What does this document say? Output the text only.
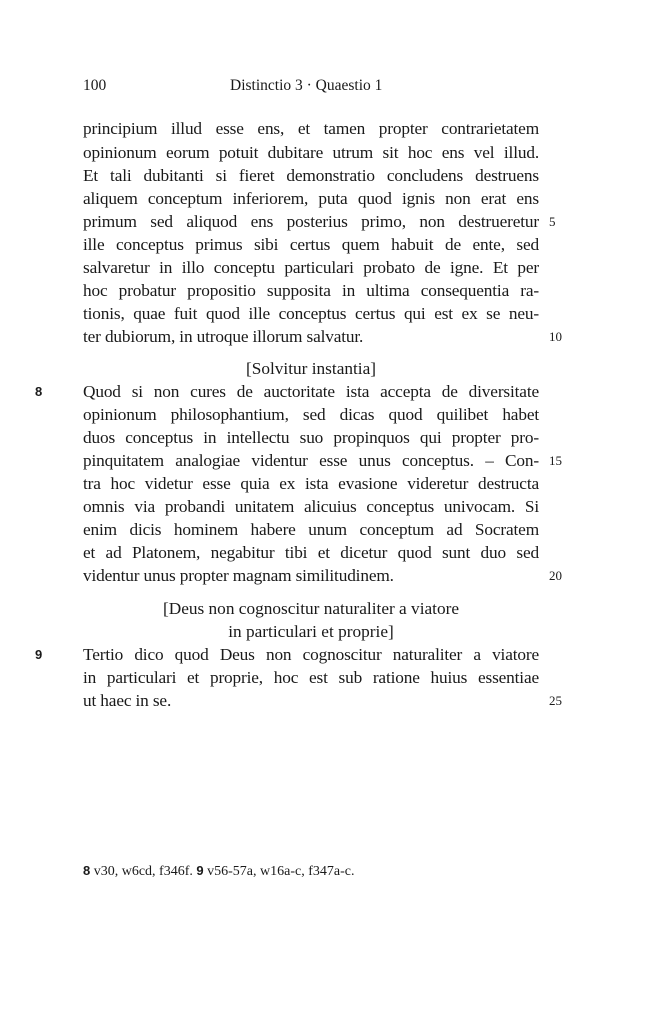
100	Distinctio 3 · Quaestio 1
principium illud esse ens, et tamen propter contrarietatem
opinionum eorum potuit dubitare utrum sit hoc ens vel illud.
Et tali dubitanti si fieret demonstratio concludens destruens
aliquem conceptum inferiorem, puta quod ignis non erat ens
primum sed aliquod ens posterius primo, non destrueretur 5
ille conceptus primus sibi certus quem habuit de ente, sed
salvaretur in illo conceptu particulari probato de igne. Et per
hoc probatur propositio supposita in ultima consequentia ra-
tionis, quae fuit quod ille conceptus certus qui est ex se neu-
ter dubiorum, in utroque illorum salvatur.	10
[Solvitur instantia]
8 Quod si non cures de auctoritate ista accepta de diversitate
opinionum philosophantium, sed dicas quod quilibet habet
duos conceptus in intellectu suo propinquos qui propter pro-
pinquitatem analogiae videntur esse unus conceptus. – Con- 15
tra hoc videtur esse quia ex ista evasione videretur destructa
omnis via probandi unitatem alicuius conceptus univocam. Si
enim dicis hominem habere unum conceptum ad Socratem
et ad Platonem, negabitur tibi et dicetur quod sunt duo sed
videntur unus propter magnam similitudinem.	20
[Deus non cognoscitur naturaliter a viatore
in particulari et proprie]
9 Tertio dico quod Deus non cognoscitur naturaliter a viatore
in particulari et proprie, hoc est sub ratione huius essentiae
ut haec in se.	25
8 v30, w6cd, f346f. 9 v56-57a, w16a-c, f347a-c.
